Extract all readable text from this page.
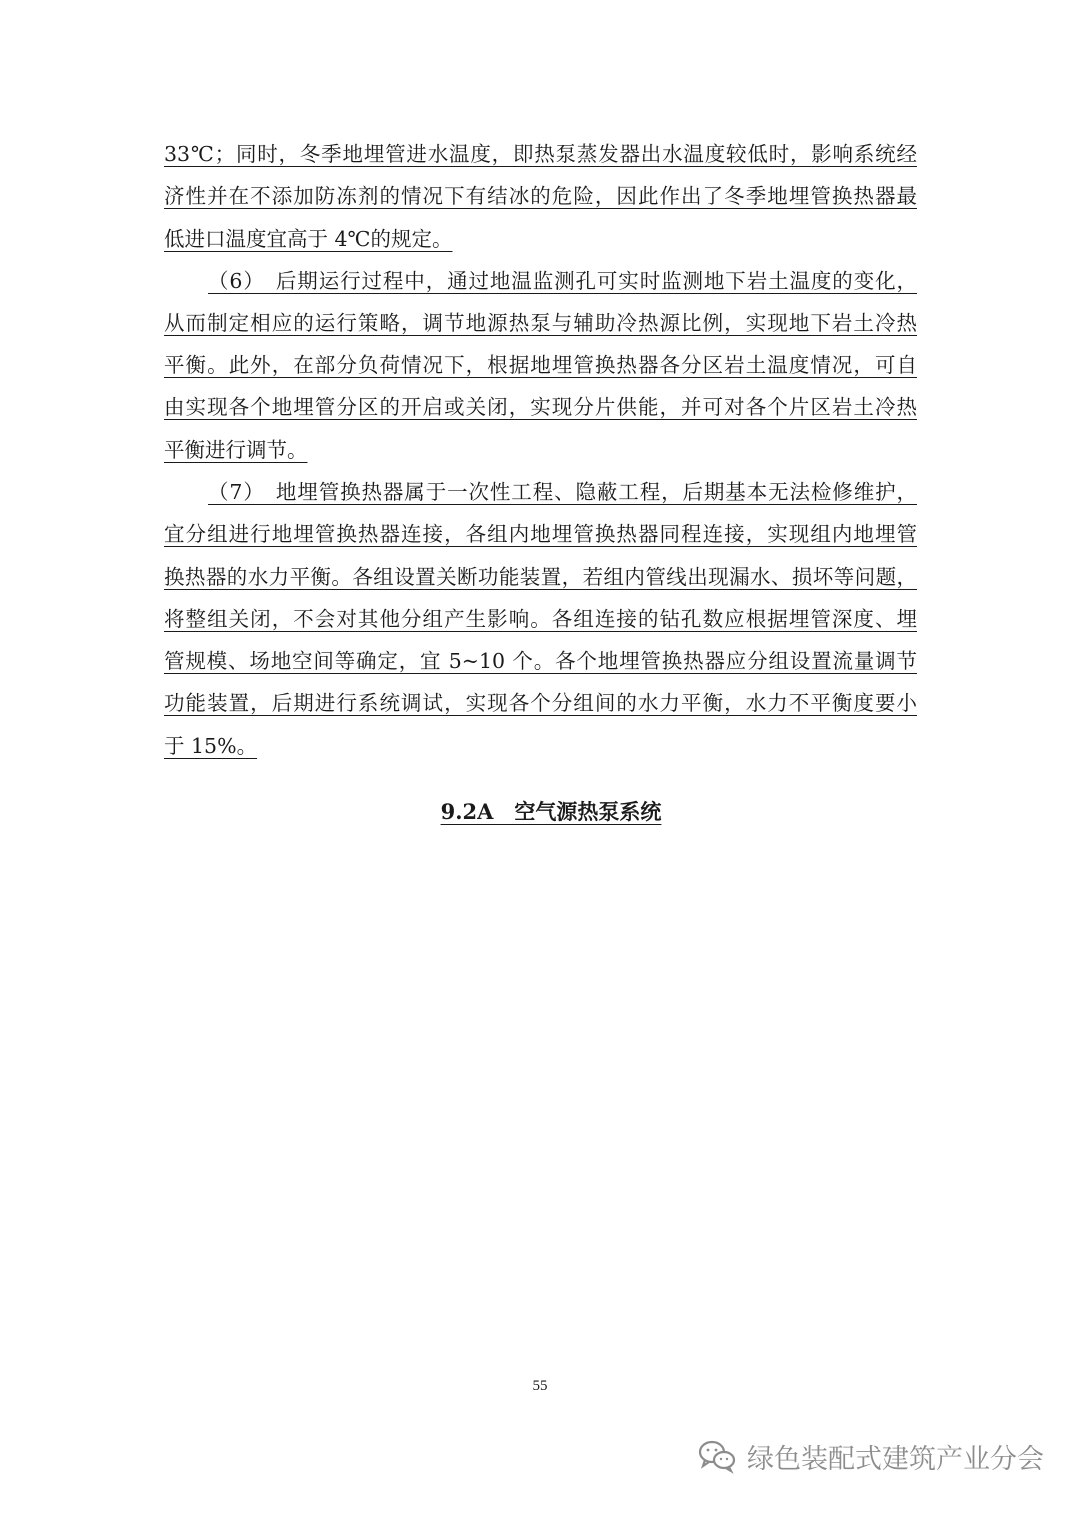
33℃；同时，冬季地埋管进水温度，即热泵蒸发器出水温度较低时，影响系统经
济性并在不添加防冻剂的情况下有结冰的危险，因此作出了冬季地埋管换热器最
低进口温度宜高于 4℃的规定。
（6）　后期运行过程中，通过地温监测孔可实时监测地下岩土温度的变化，
从而制定相应的运行策略，调节地源热泵与辅助冷热源比例，实现地下岩土冷热
平衡。此外，在部分负荷情况下，根据地埋管换热器各分区岩土温度情况，可自
由实现各个地埋管分区的开启或关闭，实现分片供能，并可对各个片区岩土冷热
平衡进行调节。
（7）　地埋管换热器属于一次性工程、隐蔽工程，后期基本无法检修维护，
宜分组进行地埋管换热器连接，各组内地埋管换热器同程连接，实现组内地埋管
换热器的水力平衡。各组设置关断功能装置，若组内管线出现漏水、损坏等问题，
将整组关闭，不会对其他分组产生影响。各组连接的钻孔数应根据埋管深度、埋
管规模、场地空间等确定，宜 5~10 个。各个地埋管换热器应分组设置流量调节
功能装置，后期进行系统调试，实现各个分组间的水力平衡，水力不平衡度要小
于 15%。
9.2A　空气源热泵系统
55
绿色装配式建筑产业分会
